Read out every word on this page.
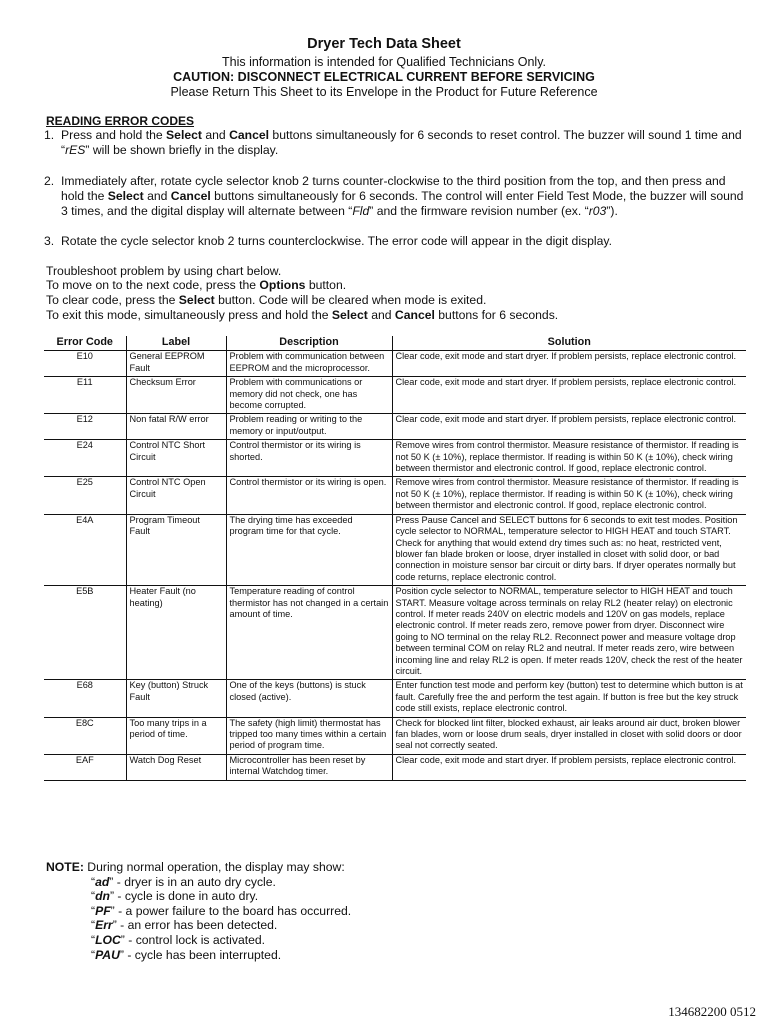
Dryer Tech Data Sheet
This information is intended for Qualified Technicians Only.
CAUTION: DISCONNECT ELECTRICAL CURRENT BEFORE SERVICING
Please Return This Sheet to its Envelope in the Product for Future Reference
READING ERROR CODES
1. Press and hold the Select and Cancel buttons simultaneously for 6 seconds to reset control. The buzzer will sound 1 time and “rES” will be shown briefly in the display.
2. Immediately after, rotate cycle selector knob 2 turns counter-clockwise to the third position from the top, and then press and hold the Select and Cancel buttons simultaneously for 6 seconds. The control will enter Field Test Mode, the buzzer will sound 3 times, and the digital display will alternate between “Fld” and the firmware revision number (ex. “r03”).
3. Rotate the cycle selector knob 2 turns counterclockwise. The error code will appear in the digit display.
Troubleshoot problem by using chart below.
To move on to the next code, press the Options button.
To clear code, press the Select button. Code will be cleared when mode is exited.
To exit this mode, simultaneously press and hold the Select and Cancel buttons for 6 seconds.
Error Code	Label	Description	Solution
E10	General EEPROM Fault	Problem with communication between EEPROM and the microprocessor.	Clear code, exit mode and start dryer. If problem persists, replace electronic control.
E11	Checksum Error	Problem with communications or memory did not check, one has become corrupted.	Clear code, exit mode and start dryer. If problem persists, replace electronic control.
E12	Non fatal R/W error	Problem reading or writing to the memory or input/output.	Clear code, exit mode and start dryer. If problem persists, replace electronic control.
E24	Control NTC Short Circuit	Control thermistor or its wiring is shorted.	Remove wires from control thermistor. Measure resistance of thermistor. If reading is not 50 K (± 10%), replace thermistor. If reading is within 50 K (± 10%), check wiring between thermistor and electronic control. If good, replace electronic control.
E25	Control NTC Open Circuit	Control thermistor or its wiring is open.	Remove wires from control thermistor. Measure resistance of thermistor. If reading is not 50 K (± 10%), replace thermistor. If reading is within 50 K (± 10%), check wiring between thermistor and electronic control. If good, replace electronic control.
E4A	Program Timeout Fault	The drying time has exceeded program time for that cycle.	Press Pause Cancel and SELECT buttons for 6 seconds to exit test modes. Position cycle selector to NORMAL, temperature selector to HIGH HEAT and touch START. Check for anything that would extend dry times such as: no heat, restricted vent, blower fan blade broken or loose, dryer installed in closet with solid door, or bad connection in moisture sensor bar circuit or dirty bars. If dryer operates normally but code returns, replace electronic control.
E5B	Heater Fault (no heating)	Temperature reading of control thermistor has not changed in a certain amount of time.	Position cycle selector to NORMAL, temperature selector to HIGH HEAT and touch START. Measure voltage across terminals on relay RL2 (heater relay) on electronic control. If meter reads 240V on electric models and 120V on gas models, replace electronic control. If meter reads zero, remove power from dryer. Disconnect wire going to NO terminal on the relay RL2. Reconnect power and measure voltage drop between terminal COM on relay RL2 and neutral. If meter reads zero, wire between incoming line and relay RL2 is open. If meter reads 120V, check the rest of the heater circuit.
E68	Key (button) Struck Fault	One of the keys (buttons) is stuck closed (active).	Enter function test mode and perform key (button) test to determine which button is at fault. Carefully free the and perform the test again. If button is free but the key struck code still exists, replace electronic control.
E8C	Too many trips in a period of time.	The safety (high limit) thermostat has tripped too many times within a certain period of program time.	Check for blocked lint filter, blocked exhaust, air leaks around air duct, broken blower fan blades, worn or loose drum seals, dryer installed in closet with solid doors or door seal not correctly seated.
EAF	Watch Dog Reset	Microcontroller has been reset by internal Watchdog timer.	Clear code, exit mode and start dryer. If problem persists, replace electronic control.
NOTE: During normal operation, the display may show:
“ad” - dryer is in an auto dry cycle.
“dn” - cycle is done in auto dry.
“PF” - a power failure to the board has occurred.
“Err” - an error has been detected.
“LOC” - control lock is activated.
“PAU” - cycle has been interrupted.
134682200 0512
